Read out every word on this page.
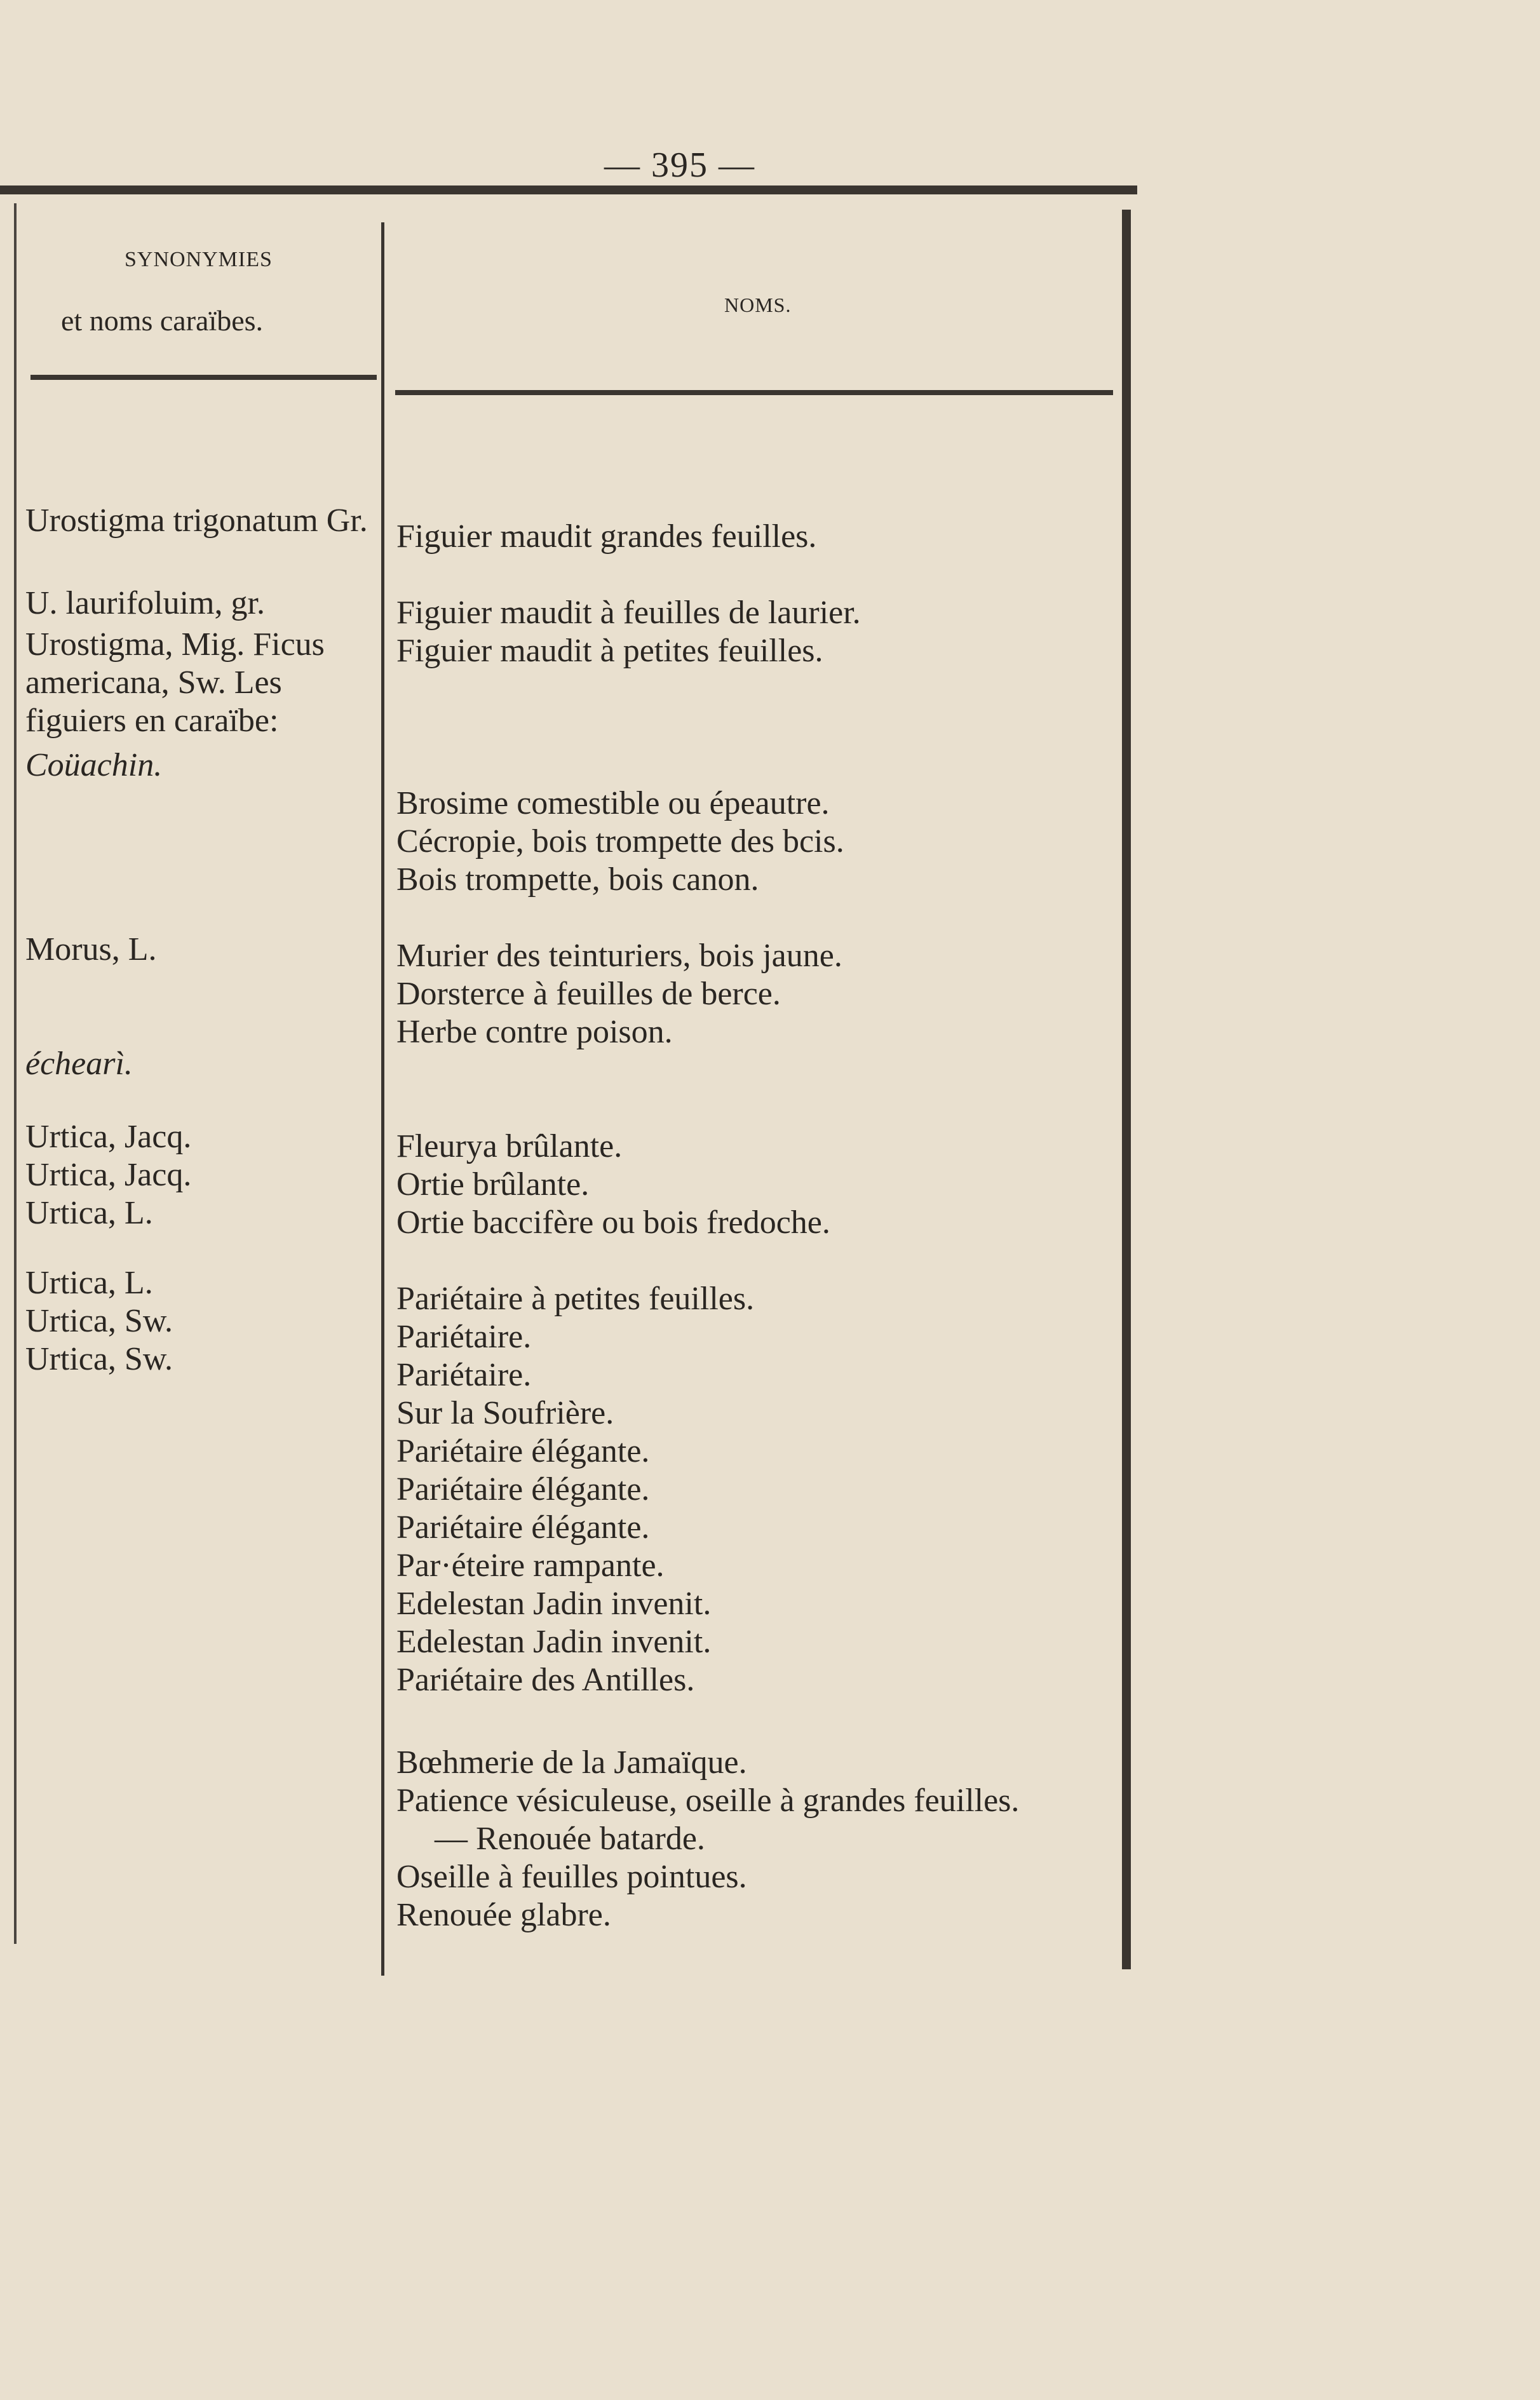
— 395 —
SYNONYMIES
et noms caraïbes.	NOMS.

Urostigma trigonatum Gr.

U. laurifoluim, gr.

Urostigma, Mig. Ficus americana, Sw. Les figuiers en caraïbe:

Coüachin.

Morus, L.

échearì.

Urtica, Jacq.

Urtica, Jacq.

Urtica, L.

Urtica, L.

Urtica, Sw.

Urtica, Sw.

Figuier maudit grandes feuilles.
Figuier maudit à feuilles de laurier.
Figuier maudit à petites feuilles.
Brosime comestible ou épeautre.
Cécropie, bois trompette des bcis.
Bois trompette, bois canon.
Murier des teinturiers, bois jaune.
Dorsterce à feuilles de berce.
Herbe contre poison.
Fleurya brûlante.
Ortie brûlante.
Ortie baccifère ou bois fredoche.
Pariétaire à petites feuilles.
Pariétaire.
Pariétaire.
Sur la Soufrière.
Pariétaire élégante.
Pariétaire élégante.
Pariétaire élégante.
Par·éteire rampante.
Edelestan Jadin invenit.
Edelestan Jadin invenit.
Pariétaire des Antilles.
Bœhmerie de la Jamaïque.
Patience vésiculeuse, oseille à grandes feuilles.
— Renouée batarde.
Oseille à feuilles pointues.
Renouée glabre.
